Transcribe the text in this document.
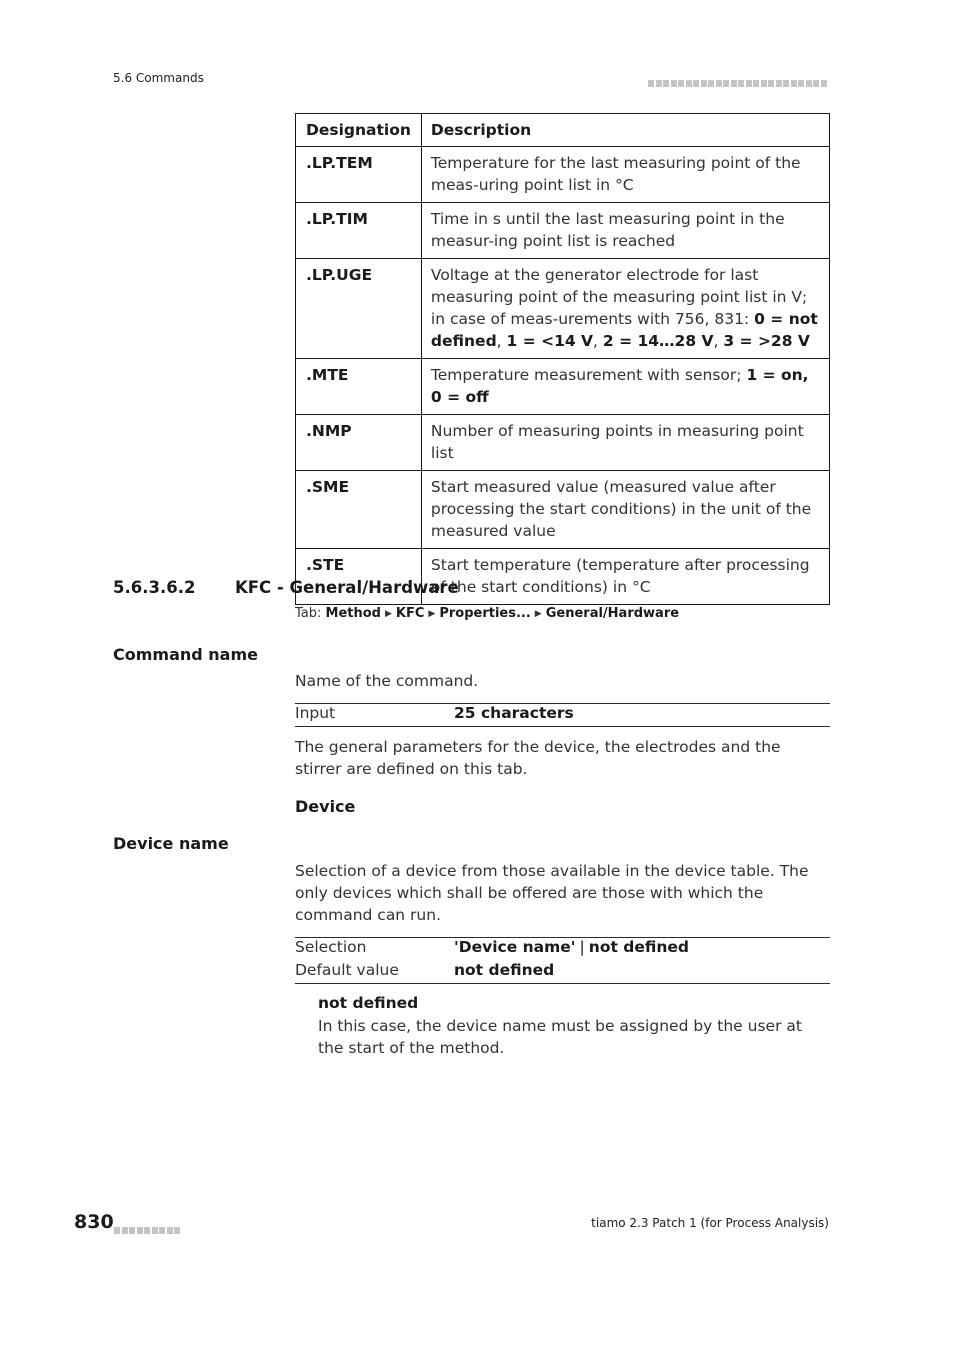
5.6 Commands
Designation	Description
.LP.TEM	Temperature for the last measuring point of the meas-uring point list in °C
.LP.TIM	Time in s until the last measuring point in the measur-ing point list is reached
.LP.UGE	Voltage at the generator electrode for last measuring point of the measuring point list in V; in case of meas-urements with 756, 831: 0 = not defined, 1 = <14 V, 2 = 14…28 V, 3 = >28 V
.MTE	Temperature measurement with sensor; 1 = on, 0 = off
.NMP	Number of measuring points in measuring point list
.SME	Start measured value (measured value after processing the start conditions) in the unit of the measured value
.STE	Start temperature (temperature after processing of the start conditions) in °C
5.6.3.6.2 KFC - General/Hardware
Tab: Method ▶ KFC ▶ Properties... ▶ General/Hardware
Command name
Name of the command.
Input	25 characters
The general parameters for the device, the electrodes and the stirrer are defined on this tab.
Device
Device name
Selection of a device from those available in the device table. The only devices which shall be offered are those with which the command can run.
Selection	'Device name' | not defined
Default value	not defined
not defined
In this case, the device name must be assigned by the user at the start of the method.
830	tiamo 2.3 Patch 1 (for Process Analysis)
